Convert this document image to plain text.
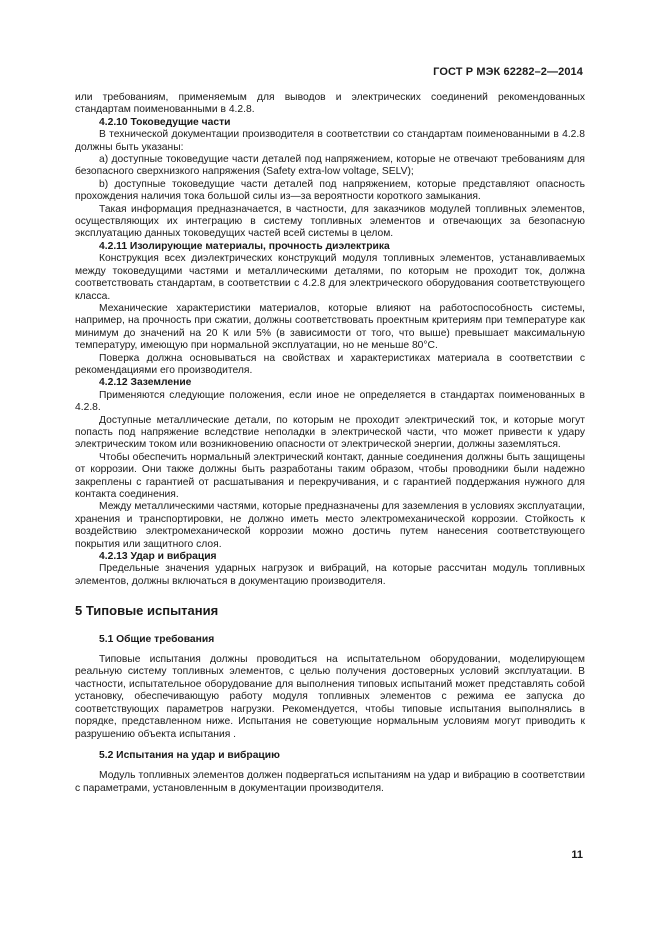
ГОСТ Р МЭК 62282–2—2014

или требованиям, применяемым для выводов и электрических соединений рекомендованных стандартам поименованными в 4.2.8.

4.2.10 Токоведущие части

В технической документации производителя в соответствии со стандартам поименованными в 4.2.8 должны быть указаны:

а) доступные токоведущие части деталей под напряжением, которые не отвечают требованиям для безопасного сверхнизкого напряжения (Safety extra-low voltage, SELV);

b) доступные токоведущие части деталей под напряжением, которые представляют опасность прохождения наличия тока большой силы из—за вероятности короткого замыкания.

Такая информация предназначается, в частности, для заказчиков модулей топливных элементов, осуществляющих их интеграцию в систему топливных элементов и отвечающих за безопасную эксплуатацию данных токоведущих частей всей системы в целом.

4.2.11 Изолирующие материалы, прочность диэлектрика

Конструкция всех диэлектрических конструкций модуля топливных элементов, устанавливаемых между токоведущими частями и металлическими деталями, по которым не проходит ток, должна соответствовать стандартам, в соответствии с 4.2.8 для электрического оборудования соответствующего класса.

Механические характеристики материалов, которые влияют на работоспособность системы, например, на прочность при сжатии, должны соответствовать проектным критериям при температуре как минимум до значений на 20 К или 5% (в зависимости от того, что выше) превышает максимальную температуру, имеющую при нормальной эксплуатации, но не меньше 80°С.

Поверка должна основываться на свойствах и характеристиках материала в соответствии с рекомендациями его производителя.

4.2.12 Заземление

Применяются следующие положения, если иное не определяется в стандартах поименованных в 4.2.8.

Доступные металлические детали, по которым не проходит электрический ток, и которые могут попасть под напряжение вследствие неполадки в электрической части, что может привести к удару электрическим током или возникновению опасности от электрической энергии, должны заземляться.

Чтобы обеспечить нормальный электрический контакт, данные соединения должны быть защищены от коррозии. Они также должны быть разработаны таким образом, чтобы проводники были надежно закреплены с гарантией от расшатывания и перекручивания, и с гарантией поддержания нужного для контакта соединения.

Между металлическими частями, которые предназначены для заземления в условиях эксплуатации, хранения и транспортировки, не должно иметь место электромеханической коррозии. Стойкость к воздействию электромеханической коррозии можно достичь путем нанесения соответствующего покрытия или защитного слоя.

4.2.13 Удар и вибрация

Предельные значения ударных нагрузок и вибраций, на которые рассчитан модуль топливных элементов, должны включаться в документацию производителя.

5 Типовые испытания
5.1 Общие требования

Типовые испытания должны проводиться на испытательном оборудовании, моделирующем реальную систему топливных элементов, с целью получения достоверных условий эксплуатации. В частности, испытательное оборудование для выполнения типовых испытаний может представлять собой установку, обеспечивающую работу модуля топливных элементов с режима ее запуска до соответствующих параметров нагрузки. Рекомендуется, чтобы типовые испытания выполнялись в порядке, представленном ниже. Испытания не советующие нормальным условиям могут приводить к разрушению объекта испытания .

5.2 Испытания на удар и вибрацию

Модуль топливных элементов должен подвергаться испытаниям на удар и вибрацию в соответствии с параметрами, установленным в документации производителя.

11
